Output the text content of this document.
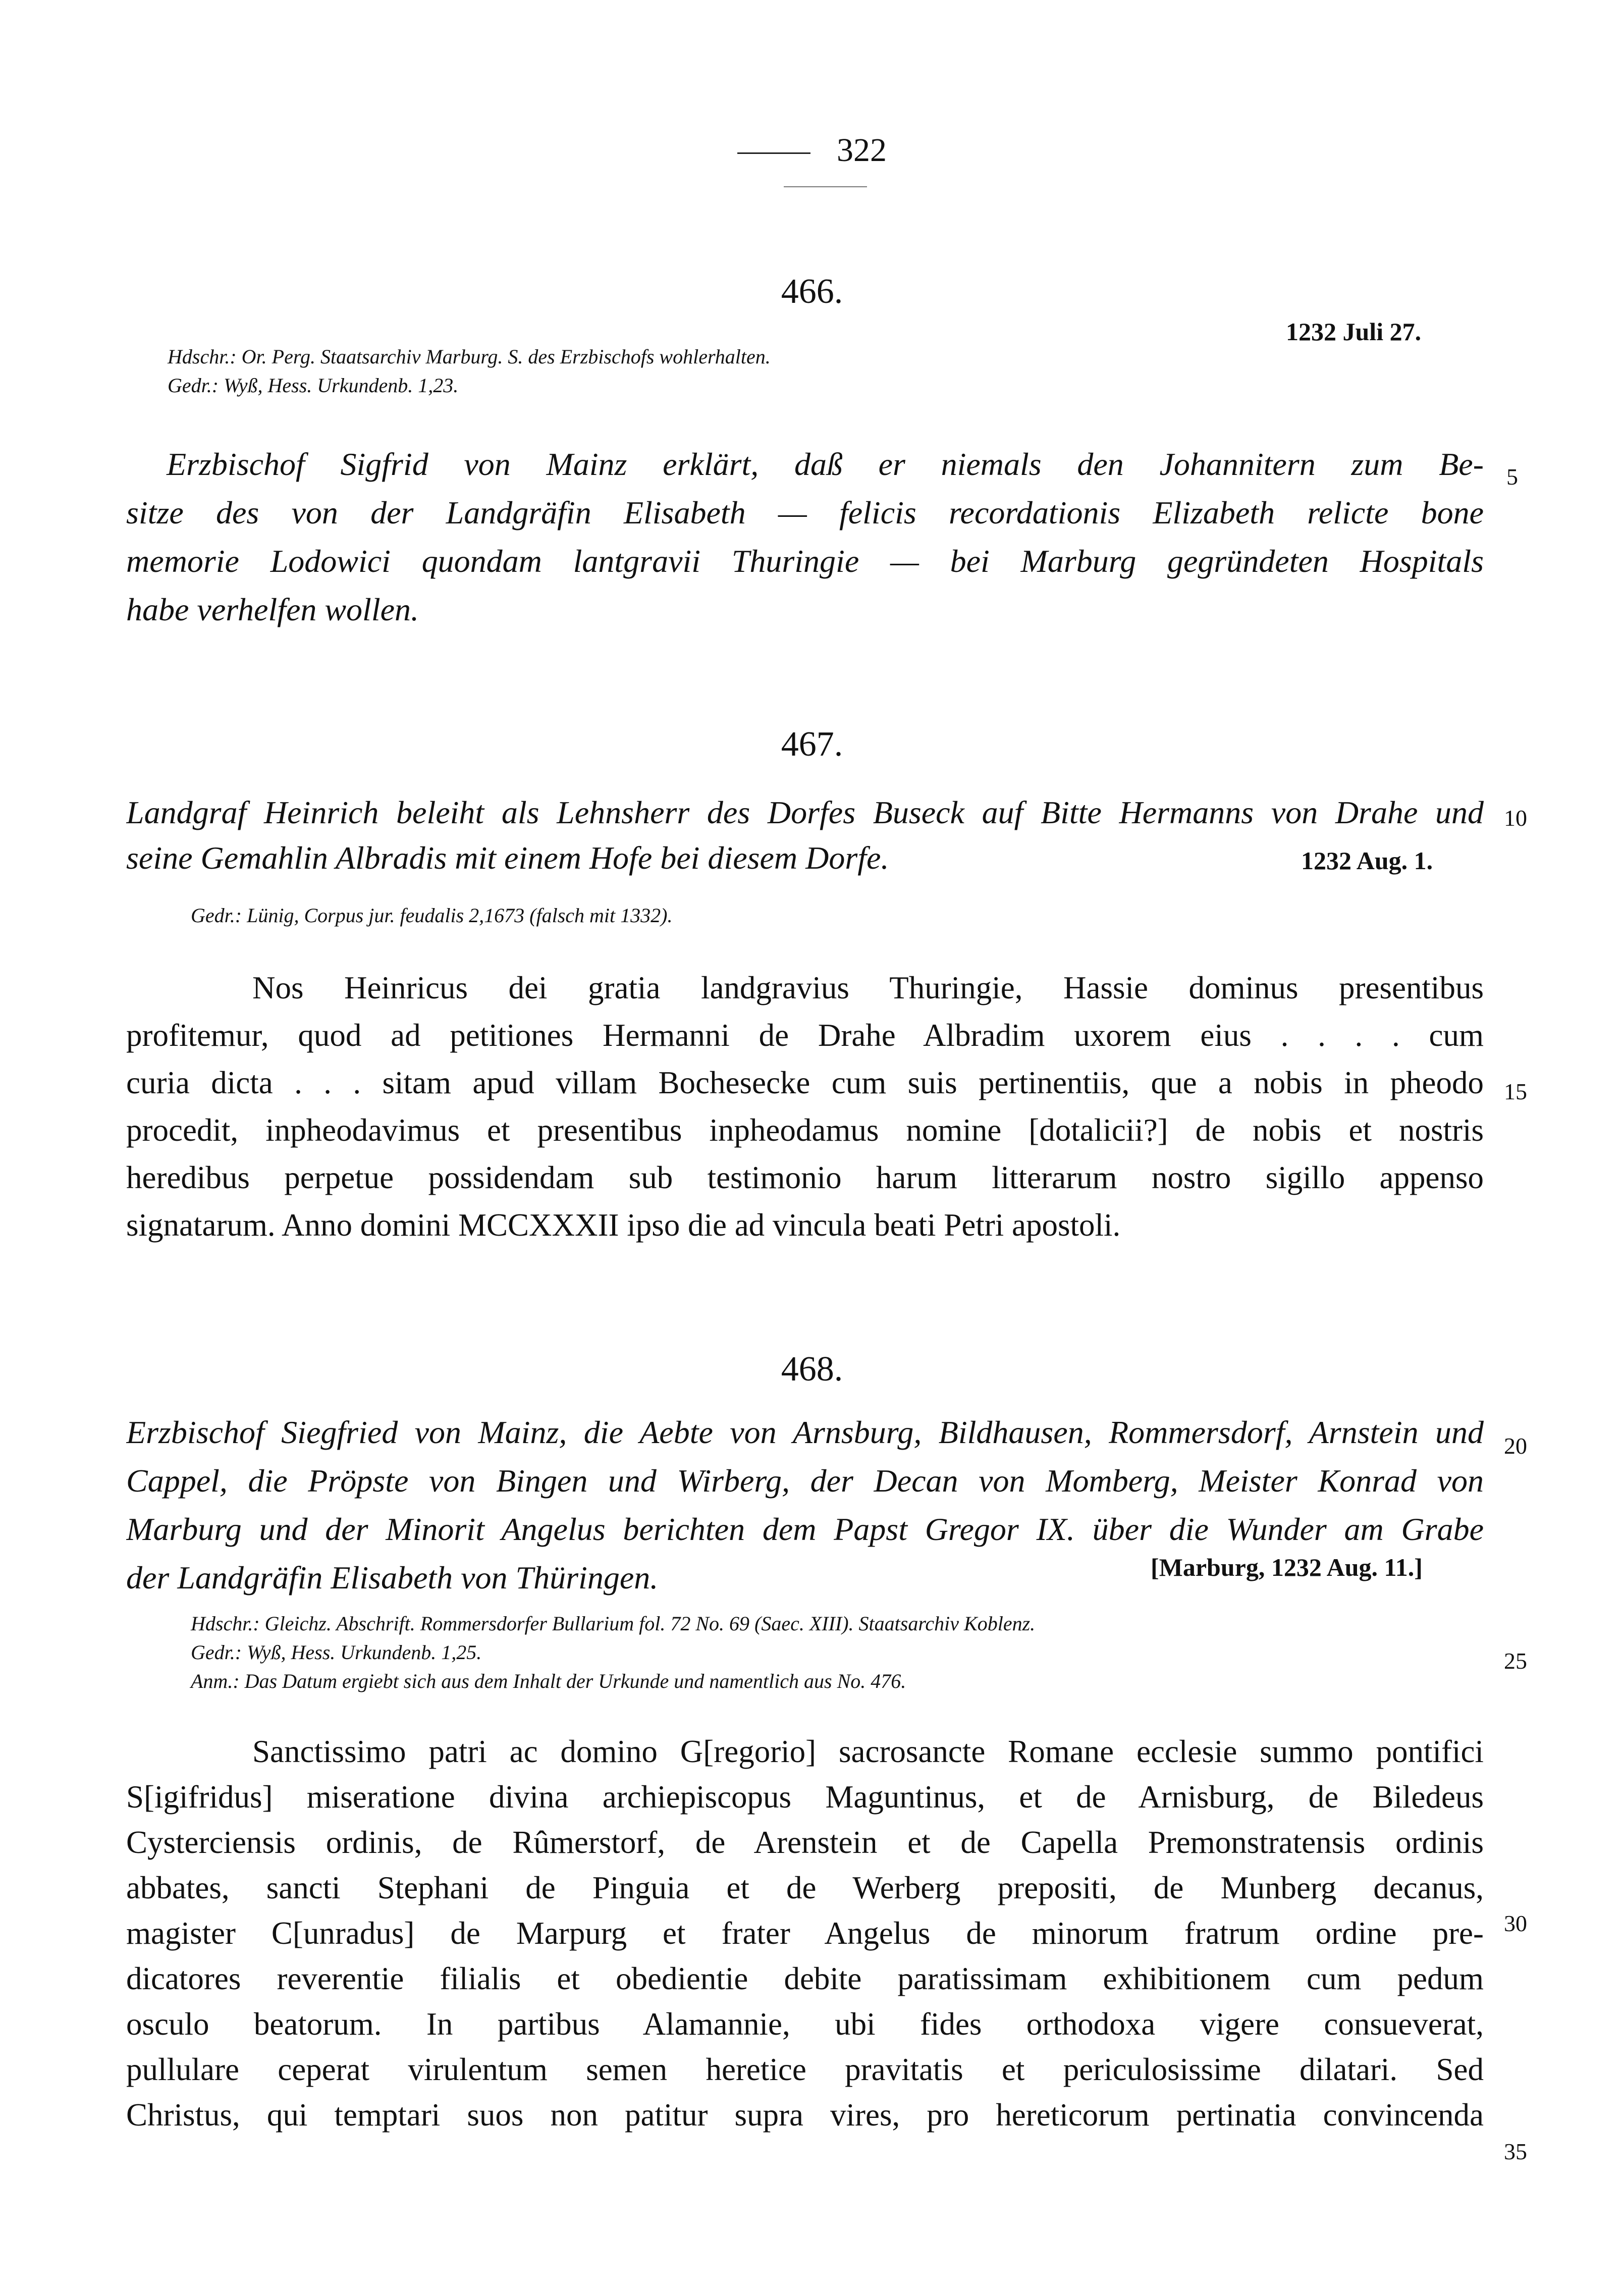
322
466.
1232 Juli 27.
Hdschr.: Or. Perg. Staatsarchiv Marburg. S. des Erzbischofs wohlerhalten.
Gedr.: Wyß, Hess. Urkundenb. 1,23.
Erzbischof Sigfrid von Mainz erklärt, daß er niemals den Johannitern zum Be-
sitze des von der Landgräfin Elisabeth — felicis recordationis Elizabeth relicte bone
memorie Lodowici quondam lantgravii Thuringie — bei Marburg gegründeten Hospitals
habe verhelfen wollen.
5
467.
Landgraf Heinrich beleiht als Lehnsherr des Dorfes Buseck auf Bitte Hermanns von Drahe und
seine Gemahlin Albradis mit einem Hofe bei diesem Dorfe.	1232 Aug. 1.
10
Gedr.: Lünig, Corpus jur. feudalis 2,1673 (falsch mit 1332).
Nos Heinricus dei gratia landgravius Thuringie, Hassie dominus presentibus
profitemur, quod ad petitiones Hermanni de Drahe Albradim uxorem eius . . . . cum
curia dicta . . . sitam apud villam Bochesecke cum suis pertinentiis, que a nobis in pheodo
procedit, inpheodavimus et presentibus inpheodamus nomine [dotalicii?] de nobis et nostris
heredibus perpetue possidendam sub testimonio harum litterarum nostro sigillo appenso
signatarum. Anno domini MCCXXXII ipso die ad vincula beati Petri apostoli.
15
468.
Erzbischof Siegfried von Mainz, die Aebte von Arnsburg, Bildhausen, Rommersdorf, Arnstein und
Cappel, die Pröpste von Bingen und Wirberg, der Decan von Momberg, Meister Konrad von
Marburg und der Minorit Angelus berichten dem Papst Gregor IX. über die Wunder am Grabe
der Landgräfin Elisabeth von Thüringen.	[Marburg, 1232 Aug. 11.]
20
Hdschr.: Gleichz. Abschrift. Rommersdorfer Bullarium fol. 72 No. 69 (Saec. XIII). Staatsarchiv Koblenz.
Gedr.: Wyß, Hess. Urkundenb. 1,25.
Anm.: Das Datum ergiebt sich aus dem Inhalt der Urkunde und namentlich aus No. 476.
25
Sanctissimo patri ac domino G[regorio] sacrosancte Romane ecclesie summo pontifici
S[igifridus] miseratione divina archiepiscopus Maguntinus, et de Arnisburg, de Biledeus
Cysterciensis ordinis, de Rûmerstorf, de Arenstein et de Capella Premonstratensis ordinis
abbates, sancti Stephani de Pinguia et de Werberg prepositi, de Munberg decanus,
magister C[unradus] de Marpurg et frater Angelus de minorum fratrum ordine pre-
dicatores reverentie filialis et obedientie debite paratissimam exhibitionem cum pedum
osculo beatorum. In partibus Alamannie, ubi fides orthodoxa vigere consueverat,
pullulare ceperat virulentum semen heretice pravitatis et periculosissime dilatari. Sed
Christus, qui temptari suos non patitur supra vires, pro hereticorum pertinatia convincenda
30
35
